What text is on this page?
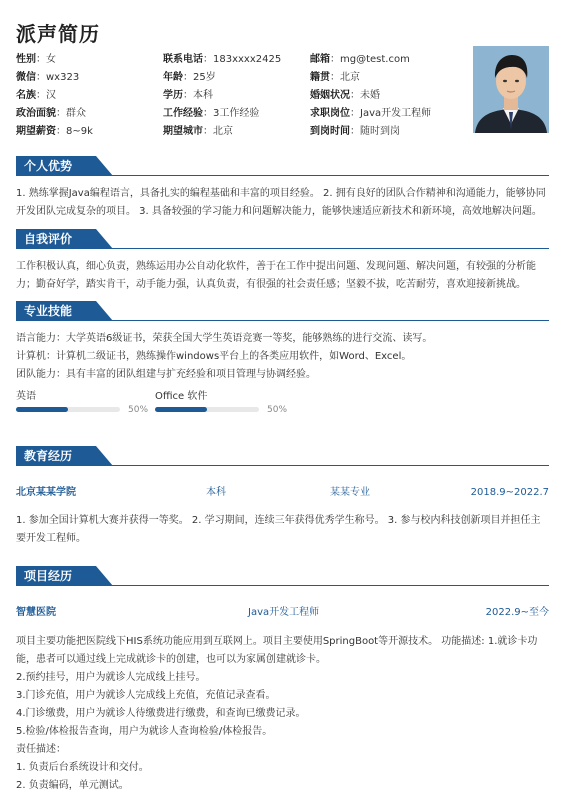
派声简历
性别：女	联系电话：183xxxx2425	邮箱：mg@test.com
微信：wx323	年龄：25岁	籍贯：北京
名族：汉	学历：本科	婚姻状况：未婚
政治面貌：群众	工作经验：3工作经验	求职岗位：Java开发工程师
期望薪资：8~9k	期望城市：北京	到岗时间：随时到岗
个人优势
1. 熟练掌握Java编程语言，具备扎实的编程基础和丰富的项目经验。 2. 拥有良好的团队合作精神和沟通能力，能够协同开发团队完成复杂的项目。 3. 具备较强的学习能力和问题解决能力，能够快速适应新技术和新环境，高效地解决问题。
自我评价
工作积极认真，细心负责，熟练运用办公自动化软件，善于在工作中提出问题、发现问题、解决问题，有较强的分析能力；勤奋好学，踏实肯干，动手能力强，认真负责，有很强的社会责任感；坚毅不拔，吃苦耐劳，喜欢迎接新挑战。
专业技能
语言能力：大学英语6级证书，荣获全国大学生英语竞赛一等奖，能够熟练的进行交流、读写。
计算机：计算机二级证书，熟练操作windows平台上的各类应用软件，如Word、Excel。
团队能力：具有丰富的团队组建与扩充经验和项目管理与协调经验。
英语
50%
Office 软件
50%
教育经历
北京某某学院	本科	某某专业	2018.9~2022.7
1. 参加全国计算机大赛并获得一等奖。 2. 学习期间，连续三年获得优秀学生称号。 3. 参与校内科技创新项目并担任主要开发工程师。
项目经历
智慧医院	Java开发工程师	2022.9~至今
项目主要功能把医院线下HIS系统功能应用到互联网上。项目主要使用SpringBoot等开源技术。 功能描述: 1.就诊卡功能，患者可以通过线上完成就诊卡的创建，也可以为家属创建就诊卡。
2.预约挂号，用户为就诊人完成线上挂号。
3.门诊充值，用户为就诊人完成线上充值，充值记录查看。
4.门诊缴费，用户为就诊人待缴费进行缴费，和查询已缴费记录。
5.检验/体检报告查询，用户为就诊人查询检验/体检报告。
责任描述：
1. 负责后台系统设计和交付。
2. 负责编码，单元测试。
